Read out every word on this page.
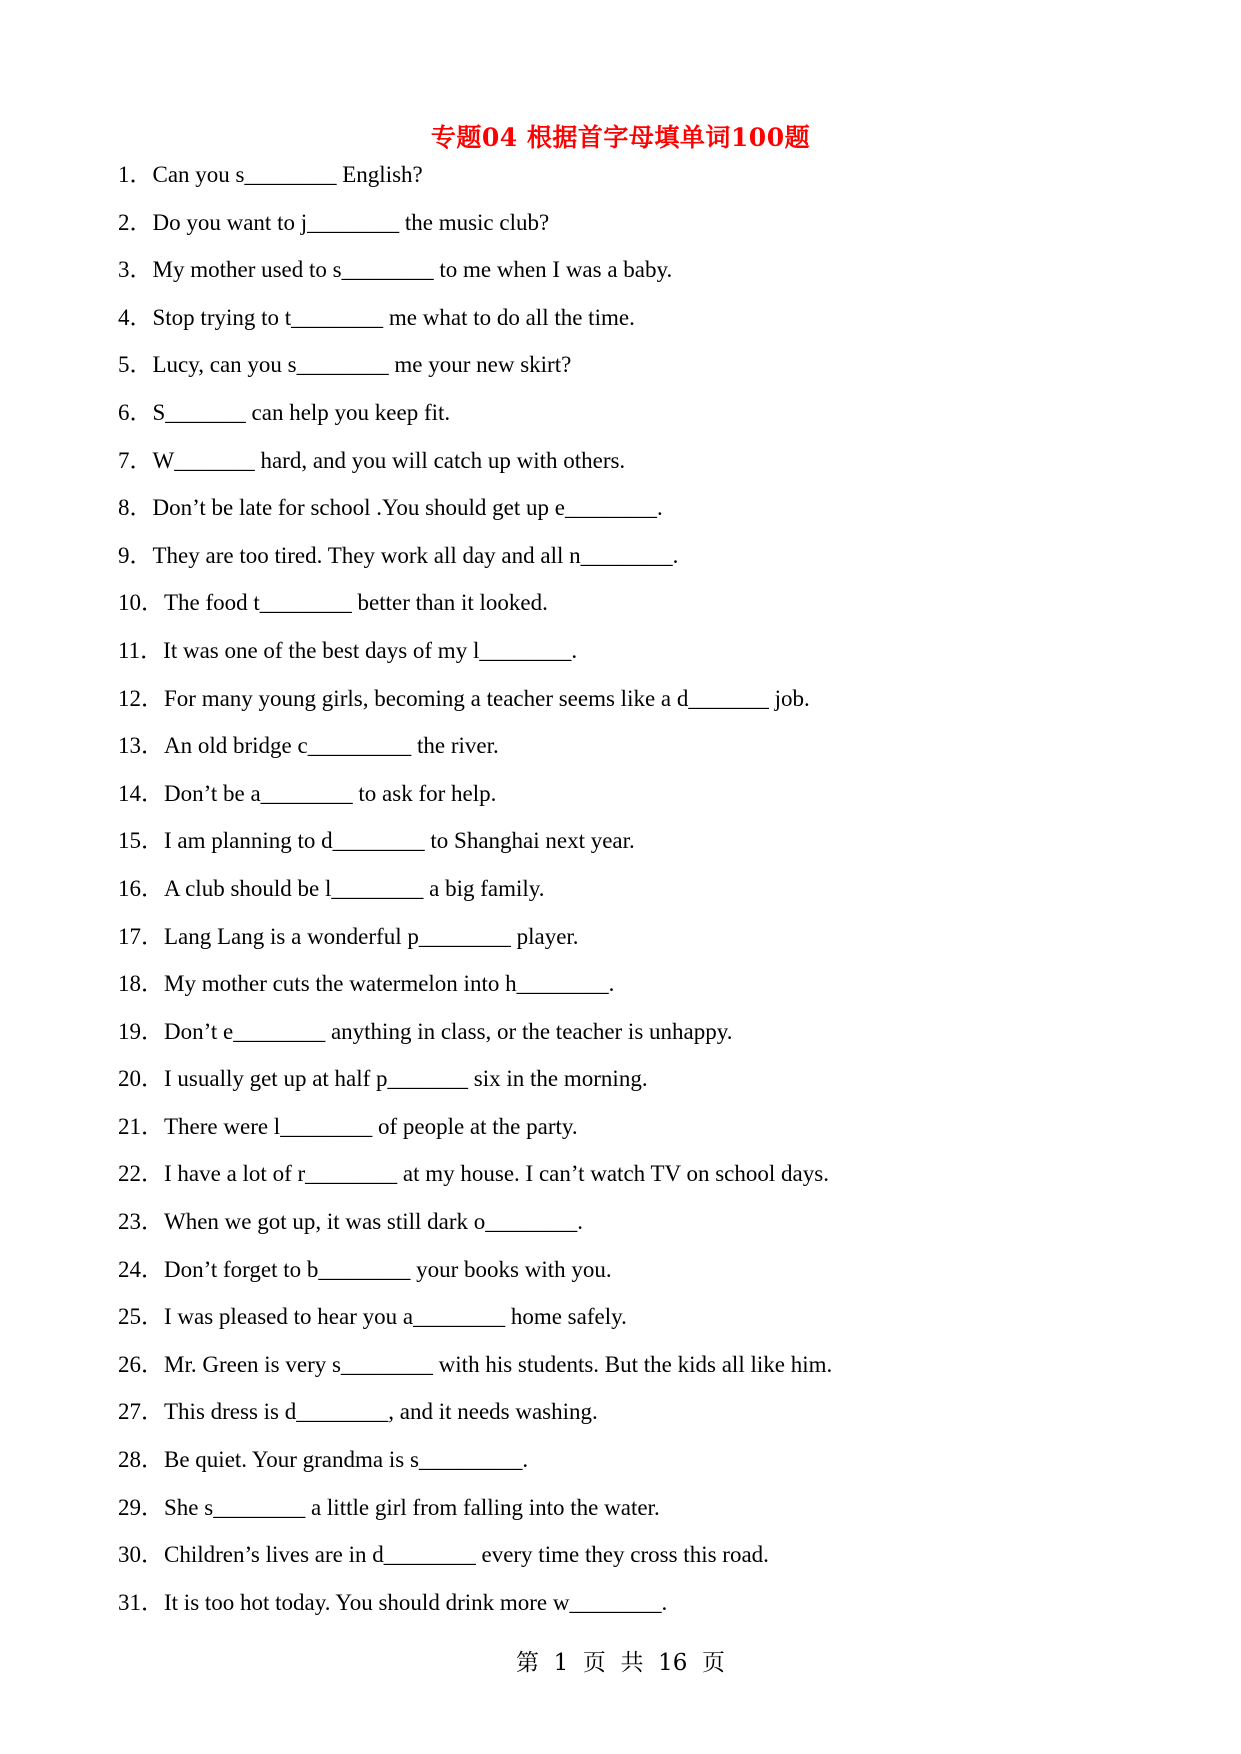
专题04 根据首字母填单词100题
1． Can you s________ English?
2． Do you want to j________ the music club?
3． My mother used to s________ to me when I was a baby.
4． Stop trying to t________ me what to do all the time.
5． Lucy, can you s________ me your new skirt?
6． S_______ can help you keep fit.
7． W_______ hard, and you will catch up with others.
8． Don’t be late for school .You should get up e________.
9． They are too tired. They work all day and all n________.
10． The food t________ better than it looked.
11． It was one of the best days of my l________.
12． For many young girls, becoming a teacher seems like a d_______ job.
13． An old bridge c_________ the river.
14． Don’t be a________ to ask for help.
15． I am planning to d________ to Shanghai next year.
16． A club should be l________ a big family.
17． Lang Lang is a wonderful p________ player.
18． My mother cuts the watermelon into h________.
19． Don’t e________ anything in class, or the teacher is unhappy.
20． I usually get up at half p_______ six in the morning.
21． There were l________ of people at the party.
22． I have a lot of r________ at my house. I can’t watch TV on school days.
23． When we got up, it was still dark o________.
24． Don’t forget to b________ your books with you.
25． I was pleased to hear you a________ home safely.
26． Mr. Green is very s________ with his students. But the kids all like him.
27． This dress is d________, and it needs washing.
28． Be quiet. Your grandma is s_________.
29． She s________ a little girl from falling into the water.
30． Children’s lives are in d________ every time they cross this road.
31． It is too hot today. You should drink more w________.
第  1  页  共  16  页
